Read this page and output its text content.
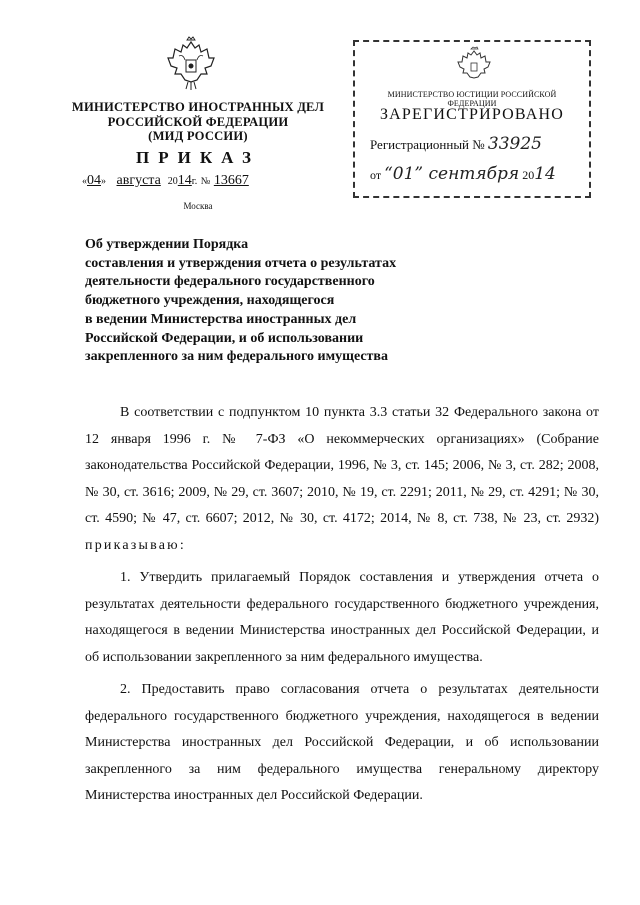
МИНИСТЕРСТВО ИНОСТРАННЫХ ДЕЛ
РОССИЙСКОЙ ФЕДЕРАЦИИ
(МИД РОССИИ)
ПРИКАЗ
«04» августа 2014г. № 13667
Москва
МИНИСТЕРСТВО ЮСТИЦИИ РОССИЙСКОЙ ФЕДЕРАЦИИ
ЗАРЕГИСТРИРОВАНО
Регистрационный № 33925
от “01” сентября 2014
Об утверждении Порядка
составления и утверждения отчета о результатах
деятельности федерального государственного
бюджетного учреждения, находящегося
в ведении Министерства иностранных дел
Российской Федерации, и об использовании
закрепленного за ним федерального имущества

В соответствии с подпунктом 10 пункта 3.3 статьи 32 Федерального закона от 12 января 1996 г. № 7-ФЗ «О некоммерческих организациях» (Собрание законодательства Российской Федерации, 1996, № 3, ст. 145; 2006, № 3, ст. 282; 2008, № 30, ст. 3616; 2009, № 29, ст. 3607; 2010, № 19, ст. 2291; 2011, № 29, ст. 4291; № 30, ст. 4590; № 47, ст. 6607; 2012, № 30, ст. 4172; 2014, № 8, ст. 738, № 23, ст. 2932) приказываю:

1. Утвердить прилагаемый Порядок составления и утверждения отчета о результатах деятельности федерального государственного бюджетного учреждения, находящегося в ведении Министерства иностранных дел Российской Федерации, и об использовании закрепленного за ним федерального имущества.

2. Предоставить право согласования отчета о результатах деятельности федерального государственного бюджетного учреждения, находящегося в ведении Министерства иностранных дел Российской Федерации, и об использовании закрепленного за ним федерального имущества генеральному директору Министерства иностранных дел Российской Федерации.
